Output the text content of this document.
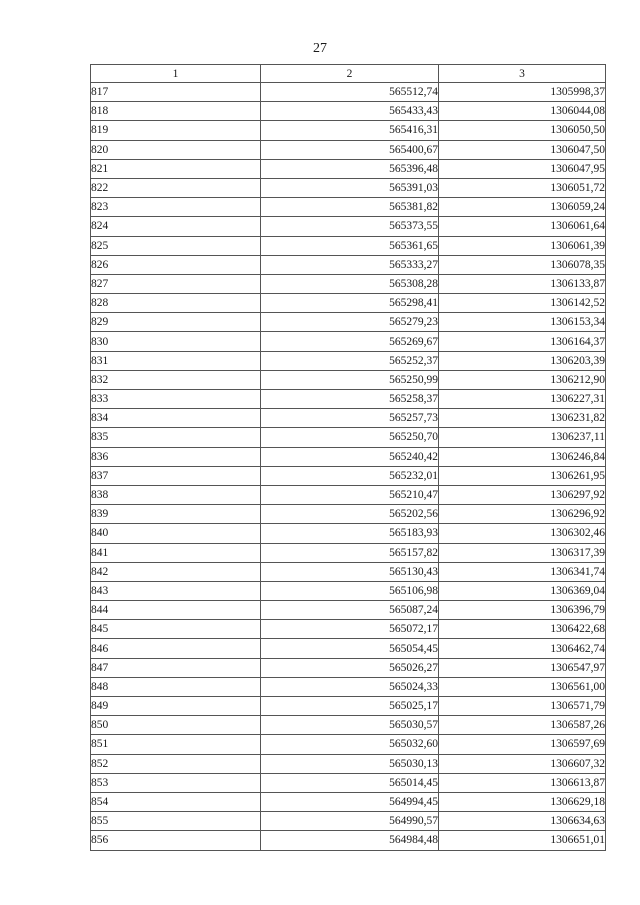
27
1	2	3
817	565512,74	1305998,37
818	565433,43	1306044,08
819	565416,31	1306050,50
820	565400,67	1306047,50
821	565396,48	1306047,95
822	565391,03	1306051,72
823	565381,82	1306059,24
824	565373,55	1306061,64
825	565361,65	1306061,39
826	565333,27	1306078,35
827	565308,28	1306133,87
828	565298,41	1306142,52
829	565279,23	1306153,34
830	565269,67	1306164,37
831	565252,37	1306203,39
832	565250,99	1306212,90
833	565258,37	1306227,31
834	565257,73	1306231,82
835	565250,70	1306237,11
836	565240,42	1306246,84
837	565232,01	1306261,95
838	565210,47	1306297,92
839	565202,56	1306296,92
840	565183,93	1306302,46
841	565157,82	1306317,39
842	565130,43	1306341,74
843	565106,98	1306369,04
844	565087,24	1306396,79
845	565072,17	1306422,68
846	565054,45	1306462,74
847	565026,27	1306547,97
848	565024,33	1306561,00
849	565025,17	1306571,79
850	565030,57	1306587,26
851	565032,60	1306597,69
852	565030,13	1306607,32
853	565014,45	1306613,87
854	564994,45	1306629,18
855	564990,57	1306634,63
856	564984,48	1306651,01
